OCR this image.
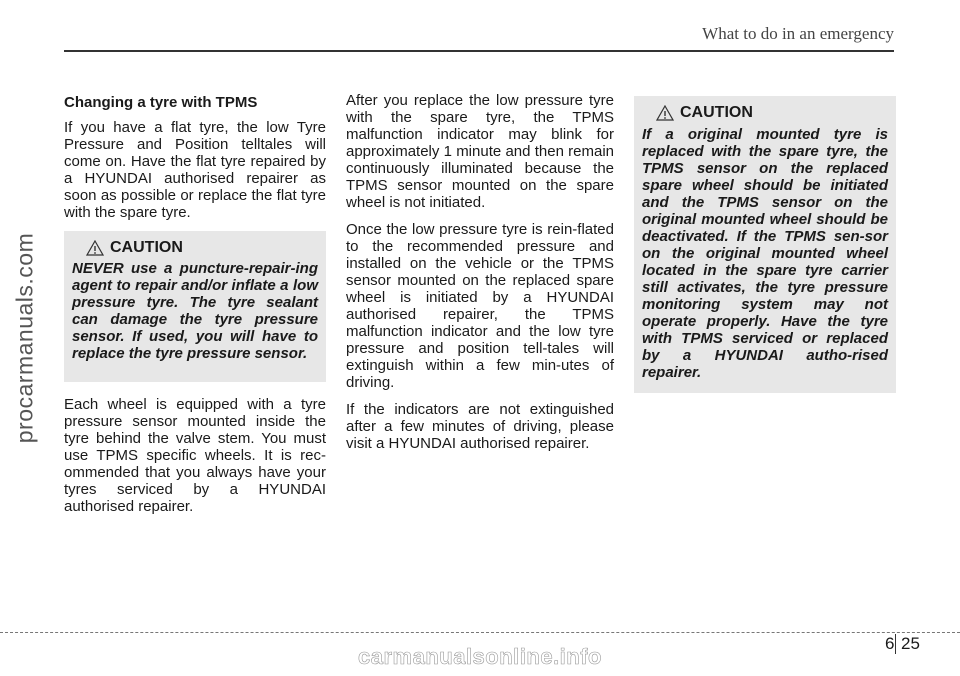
procarmanuals.com
What to do in an emergency
Changing a tyre with TPMS

If you have a flat tyre, the low Tyre Pressure and Position telltales will come on. Have the flat tyre repaired by a HYUNDAI authorised repairer as soon as possible or replace the flat tyre with the spare tyre.

CAUTION

NEVER use a puncture-repair-ing agent to repair and/or inflate a low pressure tyre. The tyre sealant can damage the tyre pressure sensor. If used, you will have to replace the tyre pressure sensor.

Each wheel is equipped with a tyre pressure sensor mounted inside the tyre behind the valve stem. You must use TPMS specific wheels. It is rec-ommended that you always have your tyres serviced by a HYUNDAI authorised repairer.

After you replace the low pressure tyre with the spare tyre, the TPMS malfunction indicator may blink for approximately 1 minute and then remain continuously illuminated because the TPMS sensor mounted on the spare wheel is not initiated.

Once the low pressure tyre is rein-flated to the recommended pressure and installed on the vehicle or the TPMS sensor mounted on the replaced spare wheel is initiated by a HYUNDAI authorised repairer, the TPMS malfunction indicator and the low tyre pressure and position tell-tales will extinguish within a few min-utes of driving.

If the indicators are not extinguished after a few minutes of driving, please visit a HYUNDAI authorised repairer.

CAUTION

If a original mounted tyre is replaced with the spare tyre, the TPMS sensor on the replaced spare wheel should be initiated and the TPMS sensor on the original mounted wheel should be deactivated. If the TPMS sen-sor on the original mounted wheel located in the spare tyre carrier still activates, the tyre pressure monitoring system may not operate properly. Have the tyre with TPMS serviced or replaced by a HYUNDAI autho-rised repairer.

6 25
carmanualsonline.info
